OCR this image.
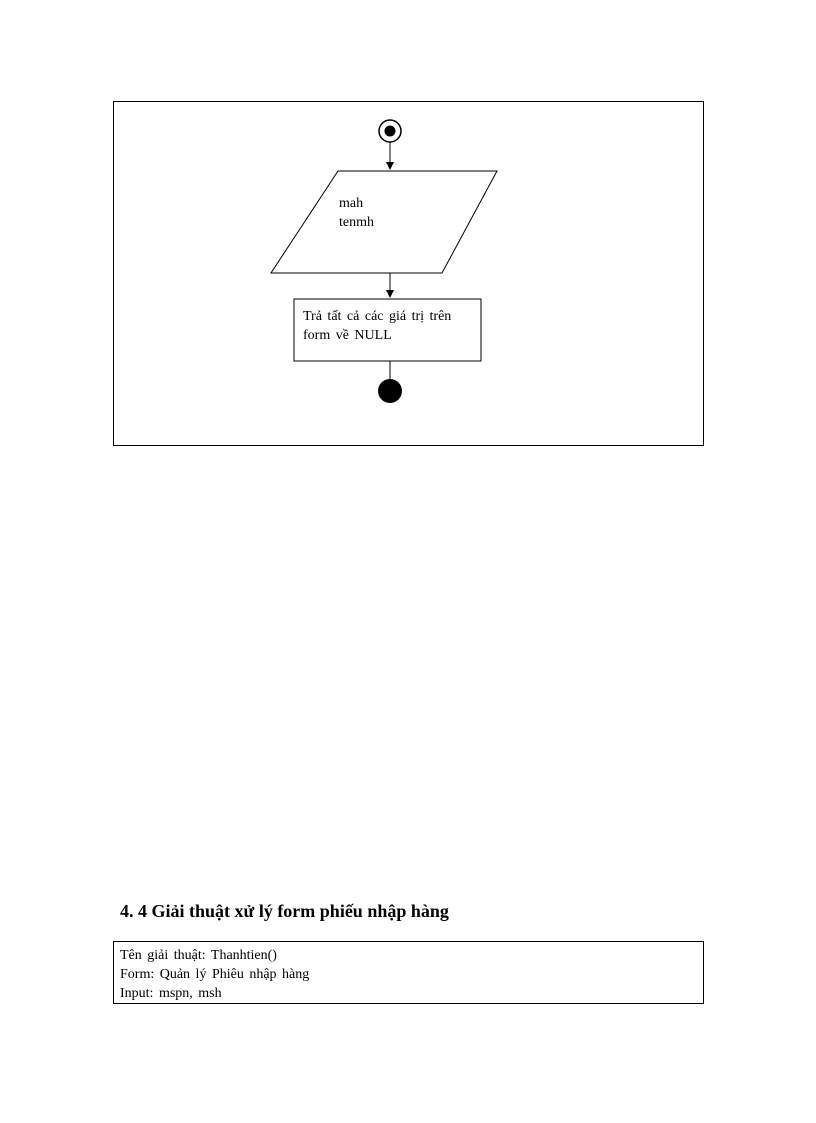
mah
tenmh
Trả tất cả các giá trị trên form về NULL
4. 4 Giải thuật xử lý form phiếu nhập hàng
Tên giải thuật: Thanhtien()
Form: Quản lý Phiêu nhập hàng
Input: mspn, msh
